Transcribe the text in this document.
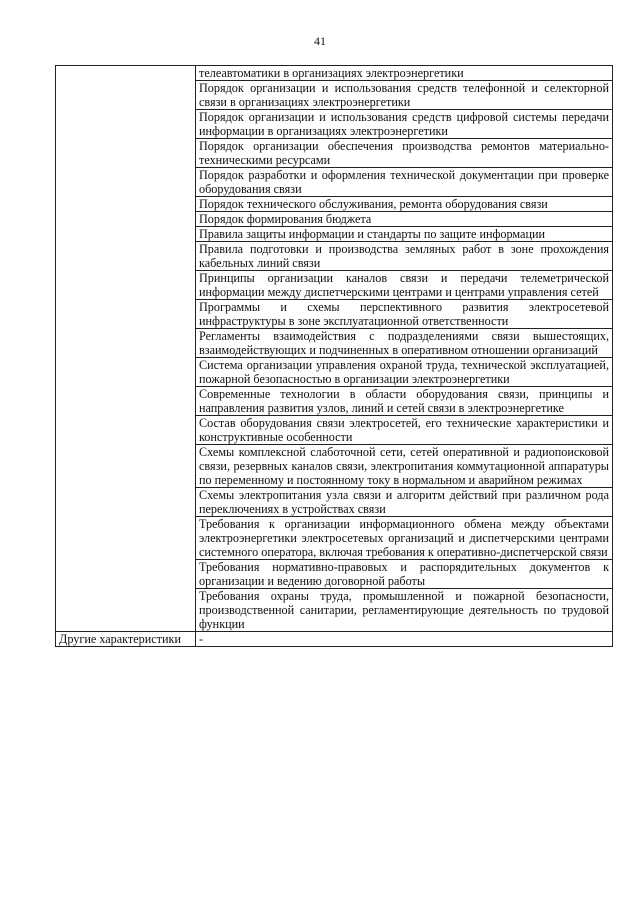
41
	телеавтоматики в организациях электроэнергетики
	Порядок организации и использования средств телефонной и селекторной связи в организациях электроэнергетики
	Порядок организации и использования средств цифровой системы передачи информации в организациях электроэнергетики
	Порядок организации обеспечения производства ремонтов материально-техническими ресурсами
	Порядок разработки и оформления технической документации при проверке оборудования связи
	Порядок технического обслуживания, ремонта оборудования связи
	Порядок формирования бюджета
	Правила защиты информации и стандарты по защите информации
	Правила подготовки и производства земляных работ в зоне прохождения кабельных линий связи
	Принципы организации каналов связи и передачи телеметрической информации между диспетчерскими центрами и центрами управления сетей
	Программы и схемы перспективного развития электросетевой инфраструктуры в зоне эксплуатационной ответственности
	Регламенты взаимодействия с подразделениями связи вышестоящих, взаимодействующих и подчиненных в оперативном отношении организаций
	Система организации управления охраной труда, технической эксплуатацией, пожарной безопасностью в организации электроэнергетики
	Современные технологии в области оборудования связи, принципы и направления развития узлов, линий и сетей связи в электроэнергетике
	Состав оборудования связи электросетей, его технические характеристики и конструктивные особенности
	Схемы комплексной слаботочной сети, сетей оперативной и радиопоисковой связи, резервных каналов связи, электропитания коммутационной аппаратуры по переменному и постоянному току в нормальном и аварийном режимах
	Схемы электропитания узла связи и алгоритм действий при различном рода переключениях в устройствах связи
	Требования к организации информационного обмена между объектами электроэнергетики электросетевых организаций и диспетчерскими центрами системного оператора, включая требования к оперативно-диспетчерской связи
	Требования нормативно-правовых и распорядительных документов к организации и ведению договорной работы
	Требования охраны труда, промышленной и пожарной безопасности, производственной санитарии, регламентирующие деятельность по трудовой функции
Другие характеристики	-
